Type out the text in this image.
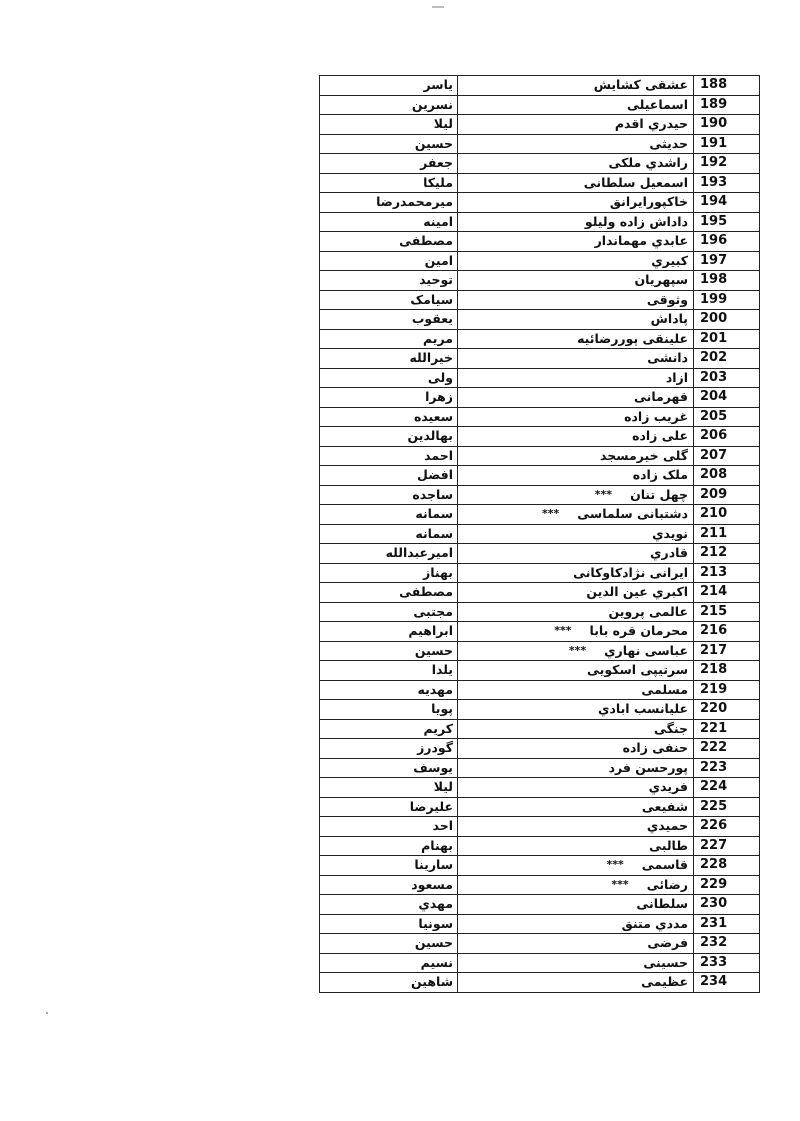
188
عشقی کشایش
یاسر
189
اسماعیلی
نسرین
190
حیدري اقدم
لیلا
191
حدیثی
حسین
192
راشدي ملکی
جعفر
193
اسمعیل سلطانی
ملیکا
194
خاکپورایرانق
میرمحمدرضا
195
داداش زاده ولیلو
امینه
196
عابدي مهماندار
مصطفی
197
کبیري
امین
198
سپهریان
توحید
199
وثوقی
سیامک
200
پاداش
یعقوب
201
علینقی پوررضائیه
مریم
202
دانشی
خیرالله
203
ازاد
ولی
204
قهرمانی
زهرا
205
غریب زاده
سعیده
206
علی زاده
بهالدین
207
گلی خیرمسجد
احمد
208
ملک زاده
افضل
209
چهل تنان
***
ساجده
210
دشتبانی سلماسی
***
سمانه
211
نویدي
سمانه
212
قادري
امیرعبدالله
213
ایرانی نژادکاوکانی
بهناز
214
اکبري عین الدین
مصطفی
215
عالمی پروین
مجتبی
216
محرمان قره بابا
***
ابراهیم
217
عباسی نهاري
***
حسین
218
سرتیپی اسکویی
یلدا
219
مسلمی
مهدیه
220
علیانسب ابادي
پویا
221
جنگی
کریم
222
حنفی زاده
گودرز
223
پورحسن فرد
یوسف
224
فریدي
لیلا
225
شفیعی
علیرضا
226
حمیدي
احد
227
طالبی
بهنام
228
قاسمی
***
سارینا
229
رضائی
***
مسعود
230
سلطانی
مهدي
231
مددي متنق
سونیا
232
فرضی
حسین
233
حسینی
نسیم
234
عظیمی
شاهین
